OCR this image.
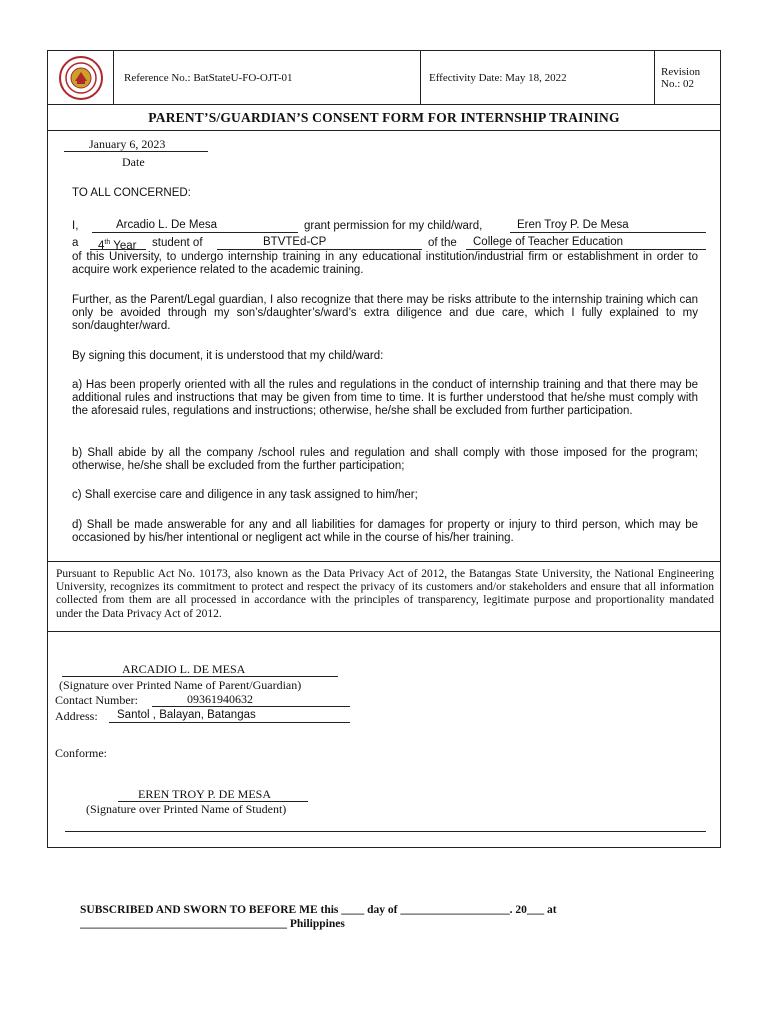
Reference No.: BatStateU-FO-OJT-01	Effectivity Date: May 18, 2022	Revision No.: 02
PARENT’S/GUARDIAN’S CONSENT FORM FOR INTERNSHIP TRAINING
January 6, 2023
Date
TO ALL CONCERNED:
I,	Arcadio L. De Mesa	grant permission for my child/ward,	Eren Troy P. De Mesa
a	4th Year	student of	BTVTEd-CP	of the	College of Teacher Education
of this University, to undergo internship training in any educational institution/industrial firm or establishment in order to acquire work experience related to the academic training.
Further, as the Parent/Legal guardian, I also recognize that there may be risks attribute to the internship training which can only be avoided through my son’s/daughter’s/ward’s extra diligence and due care, which I fully explained to my son/daughter/ward.
By signing this document, it is understood that my child/ward:
a) Has been properly oriented with all the rules and regulations in the conduct of internship training and that there may be additional rules and instructions that may be given from time to time. It is further understood that he/she must comply with the aforesaid rules, regulations and instructions; otherwise, he/she shall be excluded from further participation.
b) Shall abide by all the company /school rules and regulation and shall comply with those imposed for the program; otherwise, he/she shall be excluded from the further participation;
c) Shall exercise care and diligence in any task assigned to him/her;
d) Shall be made answerable for any and all liabilities for damages for property or injury to third person, which may be occasioned by his/her intentional or negligent act while in the course of his/her training.
Pursuant to Republic Act No. 10173, also known as the Data Privacy Act of 2012, the Batangas State University, the National Engineering University, recognizes its commitment to protect and respect the privacy of its customers and/or stakeholders and ensure that all information collected from them are all processed in accordance with the principles of transparency, legitimate purpose and proportionality mandated under the Data Privacy Act of 2012.
ARCADIO L. DE MESA
(Signature over Printed Name of Parent/Guardian)
Contact Number:	09361940632
Address:	Santol , Balayan, Batangas
Conforme:
EREN TROY P. DE MESA
(Signature over Printed Name of Student)
SUBSCRIBED AND SWORN TO BEFORE ME this ____ day of ___________________. 20___ at
____________________________________ Philippines
